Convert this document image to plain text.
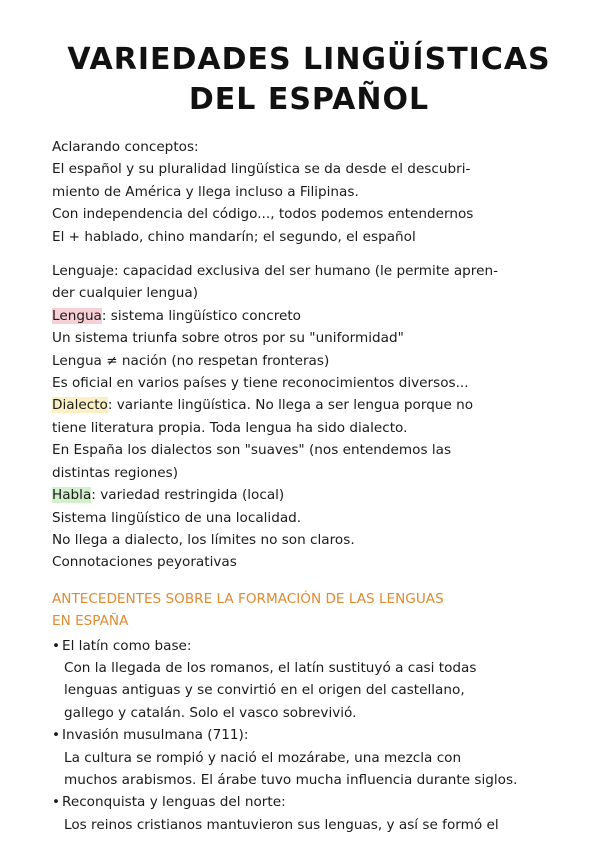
VARIEDADES LINGÜÍSTICAS
DEL ESPAÑOL

Aclarando conceptos:

El español y su pluralidad lingüística se da desde el descubri-

miento de América y llega incluso a Filipinas.

Con independencia del código..., todos podemos entendernos

El + hablado, chino mandarín; el segundo, el español

Lenguaje: capacidad exclusiva del ser humano (le permite apren-

der cualquier lengua)

Lengua: sistema lingüístico concreto

Un sistema triunfa sobre otros por su "uniformidad"

Lengua ≠ nación (no respetan fronteras)

Es oficial en varios países y tiene reconocimientos diversos...

Dialecto: variante lingüística. No llega a ser lengua porque no

tiene literatura propia. Toda lengua ha sido dialecto.

En España los dialectos son "suaves" (nos entendemos las

distintas regiones)

Habla: variedad restringida (local)

Sistema lingüístico de una localidad.

No llega a dialecto, los límites no son claros.

Connotaciones peyorativas

ANTECEDENTES SOBRE LA FORMACIÓN DE LAS LENGUAS
EN ESPAÑA
• El latín como base:
Con la llegada de los romanos, el latín sustituyó a casi todas
lenguas antiguas y se convirtió en el origen del castellano,
gallego y catalán. Solo el vasco sobrevivió.
• Invasión musulmana (711):
La cultura se rompió y nació el mozárabe, una mezcla con
muchos arabismos. El árabe tuvo mucha influencia durante siglos.
• Reconquista y lenguas del norte:
Los reinos cristianos mantuvieron sus lenguas, y así se formó el
